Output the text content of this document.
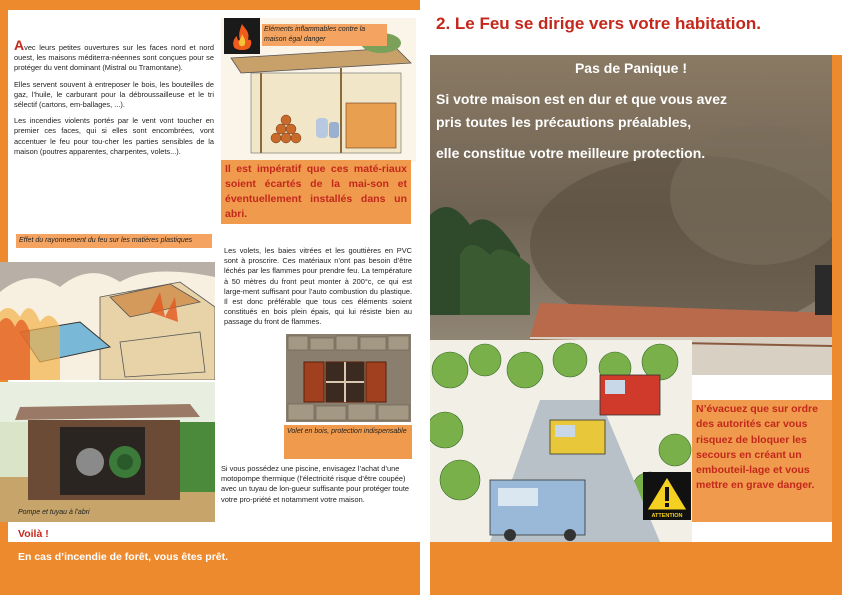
Avec leurs petites ouvertures sur les faces nord et nord ouest, les maisons méditerra-néennes sont conçues pour se protéger du vent dominant (Mistral ou Tramontane).

Elles servent souvent à entreposer le bois, les bouteilles de gaz, l’huile, le carburant pour la débroussailleuse et le tri sélectif (cartons, em-ballages, ...).

Les incendies violents portés par le vent vont toucher en premier ces faces, qui si elles sont encombrées, vont accentuer le feu pour tou-cher les parties sensibles de la maison (poutres apparentes, charpentes, volets...).

Effet du rayonnement du feu sur les matières plastiques
Pompe et tuyau à l’abri
Voilà !
En cas d’incendie de forêt, vous êtes prêt.
Eléments inflammables contre la maison égal danger
Il est impératif que ces maté-riaux soient écartés de la mai-son et éventuellement installés dans un abri.
Les volets, les baies vitrées et les gouttières en PVC sont à proscrire. Ces matériaux n’ont pas besoin d’être léchés par les flammes pour prendre feu. La température à 50 mètres du front peut monter à 200°c, ce qui est large-ment suffisant pour l’auto combustion du plastique. Il est donc préférable que tous ces éléments soient constitués en bois plein épais, qui lui résiste bien au passage du front de flammes.
Volet en bois, protection indispensable
Si vous possédez une piscine, envisagez l’achat d’une motopompe thermique (l’électricité risque d’être coupée) avec un tuyau de lon-gueur suffisante pour protéger toute votre pro-priété et notamment votre maison.
2. Le Feu se dirige vers votre habitation.
Pas de Panique !
Si votre maison est en dur et que vous avez
pris toutes les précautions préalables,
elle constitue votre meilleure protection.
ATTENTION
N’évacuez que sur ordre des autorités car vous risquez de bloquer les secours en créant un embouteil-lage et vous mettre en grave danger.
